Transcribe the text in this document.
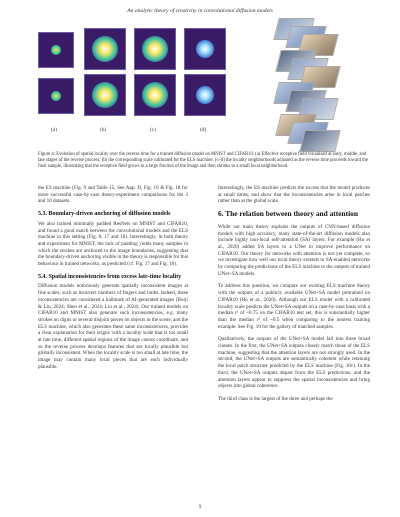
An analytic theory of creativity in convolutional diffusion models
(a)	(b)	(c)	(d)
Figure 4: Evolution of spatial locality over the reverse time for a trained diffusion model on MNIST and CIFAR10. (a) Effective receptive field visualized at early, middle, and late stages of the reverse process; (b) the corresponding scale calibrated for the ELS machine; (c–d) the locality neighborhoods adjusted as the reverse time proceeds toward the final sample, illustrating that the receptive field grows to a large fraction of the image and then shrinks to a small local neighborhood.

the ES machine (Fig. 9 and Table 15, See App. D, Fig. 16 & Fig. 18 for more successful case-by-case theory-experiment comparisons for the 3 and 10 datasets.

5.3. Boundary-driven anchoring of diffusion models

We also trained minimally padded ResNets on MNIST and CIFAR10, and found a good match between the convolutional models and the ELS machine in this setting (Fig. 8, 17 and 18). Interestingly, in both theory and experiment for MNIST, the lack of padding yields many samples in which the strokes are anchored to the image boundaries, suggesting that the boundary-driven anchoring visible in the theory is responsible for this behaviour in trained networks, as predicted (cf. Fig. 17 and Fig. 18).

5.4. Spatial inconsistencies from excess late-time locality

Diffusion models notoriously generate spatially inconsistent images at fine scales, such as incorrect numbers of fingers and limbs. Indeed, these inconsistencies are considered a hallmark of AI-generated images (Borji & Lin, 2024; Shen et al., 2024; Liu et al., 2024). Our trained models on CIFAR10 and MNIST also generate such inconsistencies, e.g. many strokes on digits or several disjoint pieces on objects in the scene, and the ELS machine, which also generates these same inconsistencies, provides a clear explanation for their origin: with a locality scale that is too small at late time, different spatial regions of the image cannot coordinate, and so the reverse process develops features that are locally plausible but globally inconsistent. When the locality scale is too small at late time, the image may contain many local pieces that are each individually plausible.

Interestingly, the ES machine predicts the excess that the model produces at small times, and show that the inconsistencies arise in local patches rather than at the global scale.

6. The relation between theory and attention

While our main theory explains the outputs of CNN-based diffusion models with high accuracy, many state-of-the-art diffusion models also include highly non-local self-attention (SA) layers. For example (Ho et al., 2020) added SA layers to a UNet to improve performance on CIFAR10. Our theory for networks with attention is not yet complete, so we investigate how well our local theory extends to SA-enabled networks by comparing the predictions of the ELS machine to the outputs of trained UNet+SA models.

To address this question, we compare our existing ELS machine theory with the outputs of a publicly available UNet+SA model pretrained on CIFAR10 (Ho et al., 2020). Although our ELS model with a calibrated locality scale predicts the UNet+SA outputs on a case-by-case basis with a median r² of ~0.75 on the CIFAR10 test set, this is substantially higher than the median r² of ~0.5 when comparing to the nearest training example. See Fig. 10 for the gallery of matched samples.

Qualitatively, the outputs of the UNet+SA model fall into three broad classes. In the first, the UNet+SA outputs closely match those of the ELS machine, suggesting that the attention layers are not strongly used. In the second, the UNet+SA outputs are semantically coherent while retaining the local patch structure predicted by the ELS machine (Fig. 10c). In the third, the UNet+SA outputs depart from the ELS predictions, and the attention layers appear to suppress the spatial inconsistencies and bring objects into global coherence.

The third class is the largest of the three and perhaps the

9
